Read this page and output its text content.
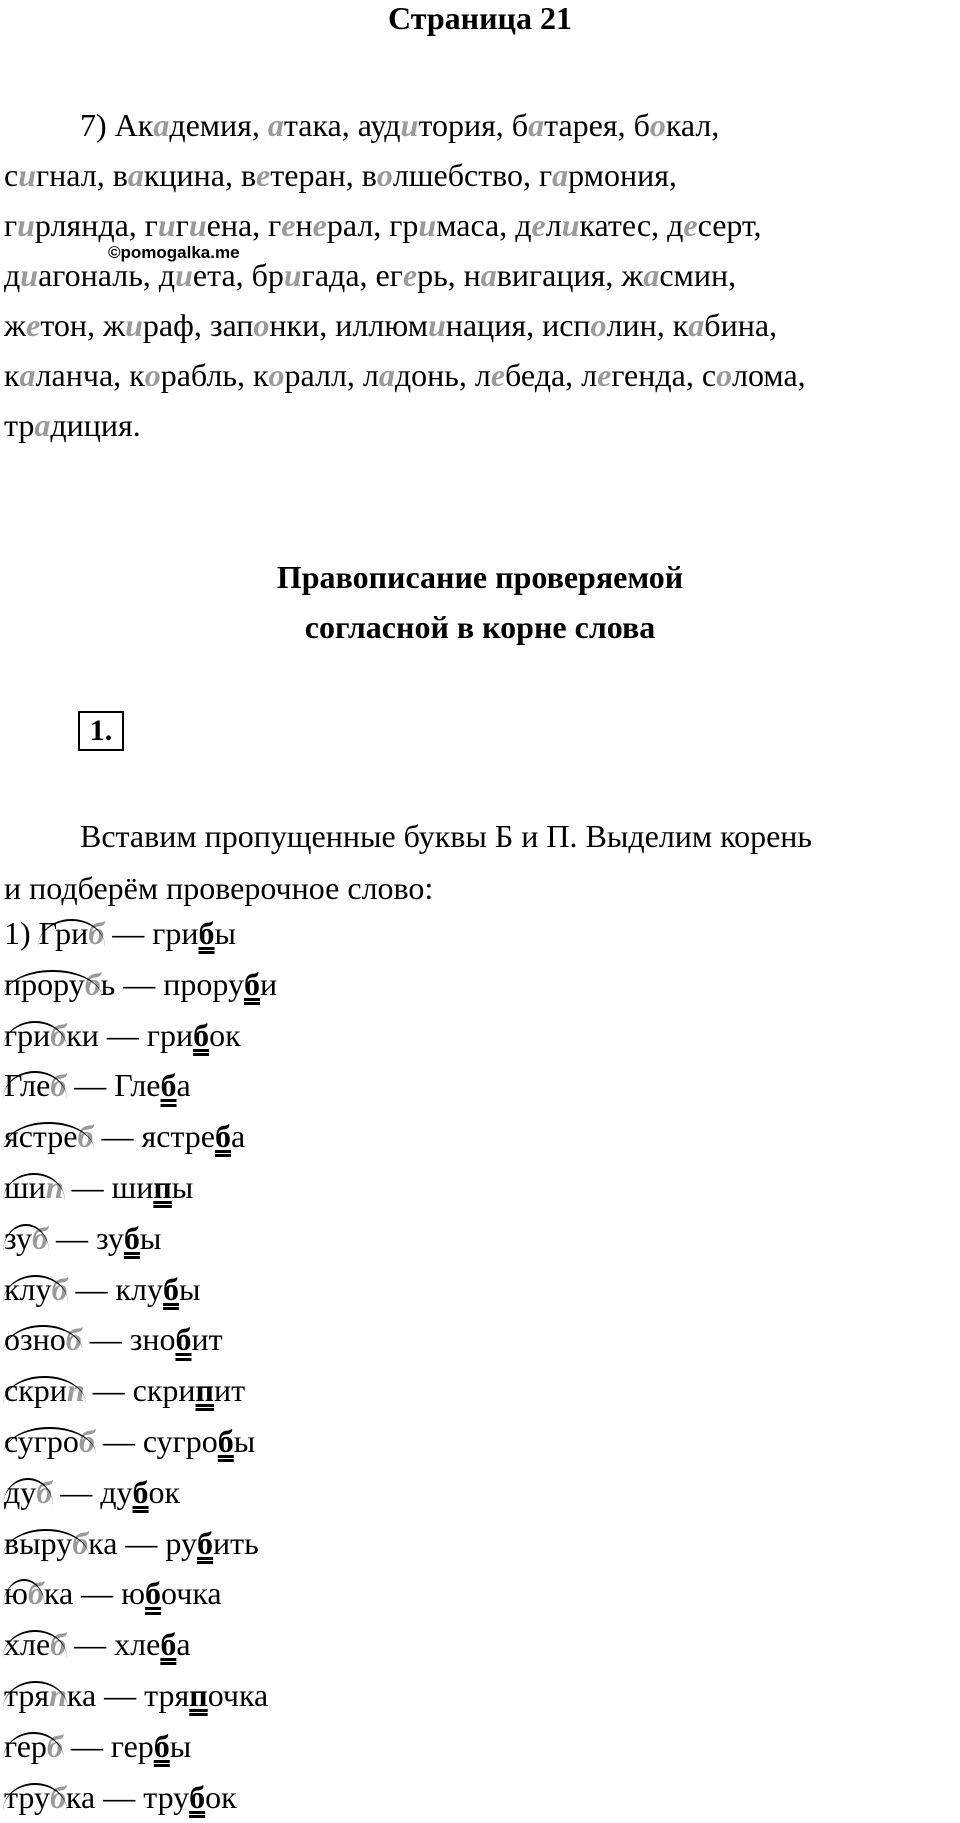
Страница 21
7) Академия, атака, аудитория, батарея, бокал,
сигнал, вакцина, ветеран, волшебство, гармония,
гирлянда, гигиена, генерал, гримаса, деликатес, десерт,
диагональ, диета, бригада, егерь, навигация, жасмин,
жетон, жираф, запонки, иллюминация, исполин, кабина,
каланча, корабль, коралл, ладонь, лебеда, легенда, солома,
традиция.
©pomogalka.me
Правописание проверяемой
согласной в корне слова
1.
Вставим пропущенные буквы Б и П. Выделим корень
и подберём проверочное слово:
1) Гриб — грибы
прорубь — проруби
грибки — грибок
Глеб — Глеба
ястреб — ястреба
шип — шипы
зуб — зубы
клуб — клубы
озноб — знобит
скрип — скрипит
сугроб — сугробы
дуб — дубок
вырубка — рубить
юбка — юбочка
хлеб — хлеба
тряпка — тряпочка
герб — гербы
трубка — трубок
